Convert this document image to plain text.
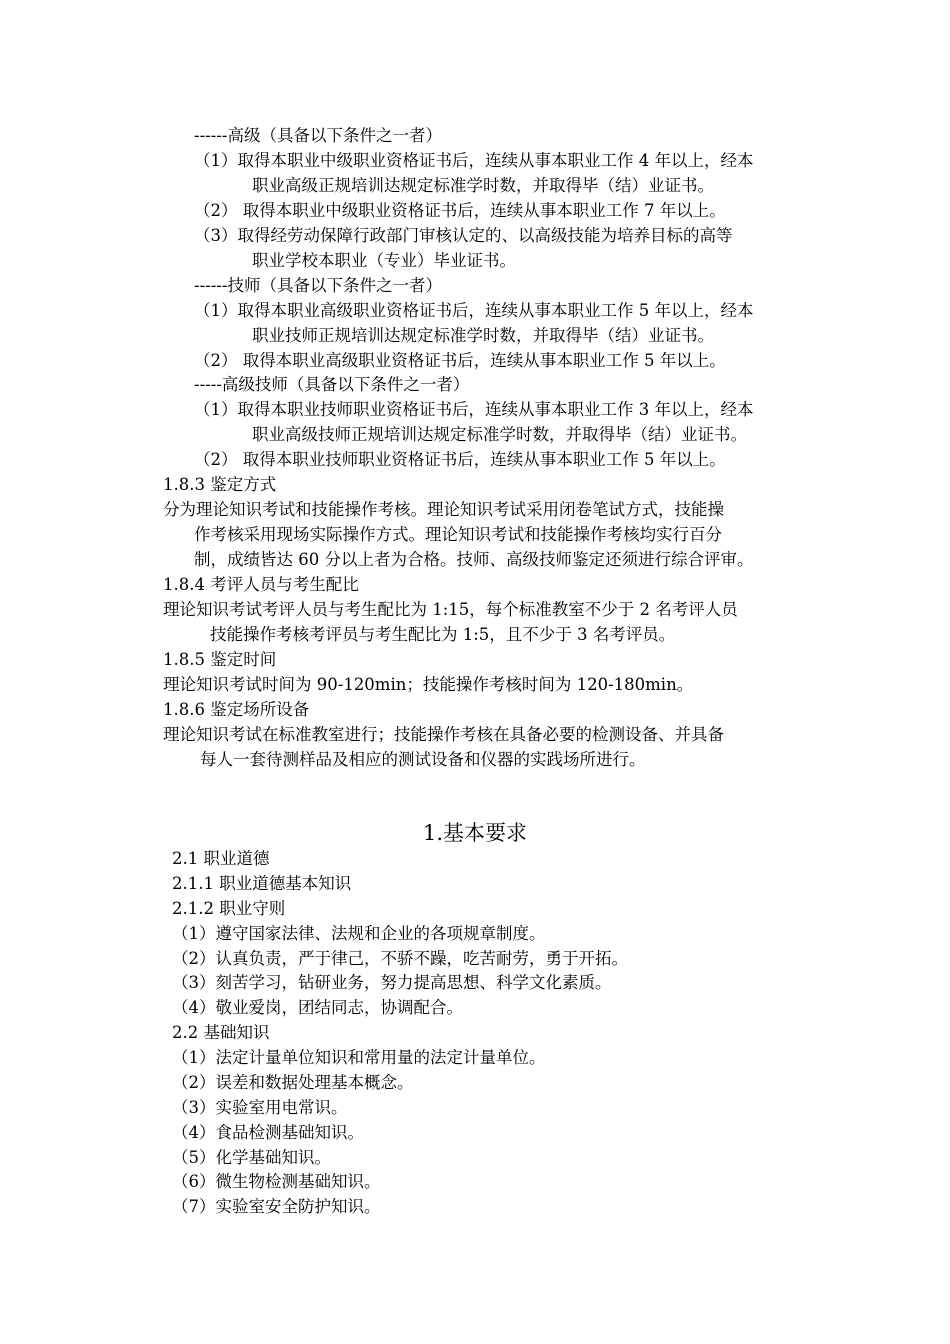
------高级（具备以下条件之一者）

（1）取得本职业中级职业资格证书后，连续从事本职业工作 4 年以上，经本

职业高级正规培训达规定标准学时数，并取得毕（结）业证书。

（2） 取得本职业中级职业资格证书后，连续从事本职业工作 7 年以上。

（3）取得经劳动保障行政部门审核认定的、以高级技能为培养目标的高等

职业学校本职业（专业）毕业证书。

------技师（具备以下条件之一者）

（1）取得本职业高级职业资格证书后，连续从事本职业工作 5 年以上，经本

职业技师正规培训达规定标准学时数，并取得毕（结）业证书。

（2） 取得本职业高级职业资格证书后，连续从事本职业工作 5 年以上。

-----高级技师（具备以下条件之一者）

（1）取得本职业技师职业资格证书后，连续从事本职业工作 3 年以上，经本

职业高级技师正规培训达规定标准学时数，并取得毕（结）业证书。

（2） 取得本职业技师职业资格证书后，连续从事本职业工作 5 年以上。

1.8.3 鉴定方式

分为理论知识考试和技能操作考核。理论知识考试采用闭卷笔试方式，技能操

作考核采用现场实际操作方式。理论知识考试和技能操作考核均实行百分

制，成绩皆达 60 分以上者为合格。技师、高级技师鉴定还须进行综合评审。

1.8.4 考评人员与考生配比

理论知识考试考评人员与考生配比为 1:15，每个标准教室不少于 2 名考评人员

技能操作考核考评员与考生配比为 1:5，且不少于 3 名考评员。

1.8.5 鉴定时间

理论知识考试时间为 90-120min；技能操作考核时间为 120-180min。

1.8.6 鉴定场所设备

理论知识考试在标准教室进行；技能操作考核在具备必要的检测设备、并具备

每人一套待测样品及相应的测试设备和仪器的实践场所进行。

1.基本要求

2.1 职业道德

2.1.1 职业道德基本知识

2.1.2 职业守则

（1）遵守国家法律、法规和企业的各项规章制度。

（2）认真负责，严于律己，不骄不躁，吃苦耐劳，勇于开拓。

（3）刻苦学习，钻研业务，努力提高思想、科学文化素质。

（4）敬业爱岗，团结同志，协调配合。

2.2 基础知识

（1）法定计量单位知识和常用量的法定计量单位。

（2）误差和数据处理基本概念。

（3）实验室用电常识。

（4）食品检测基础知识。

（5）化学基础知识。

（6）微生物检测基础知识。

（7）实验室安全防护知识。
